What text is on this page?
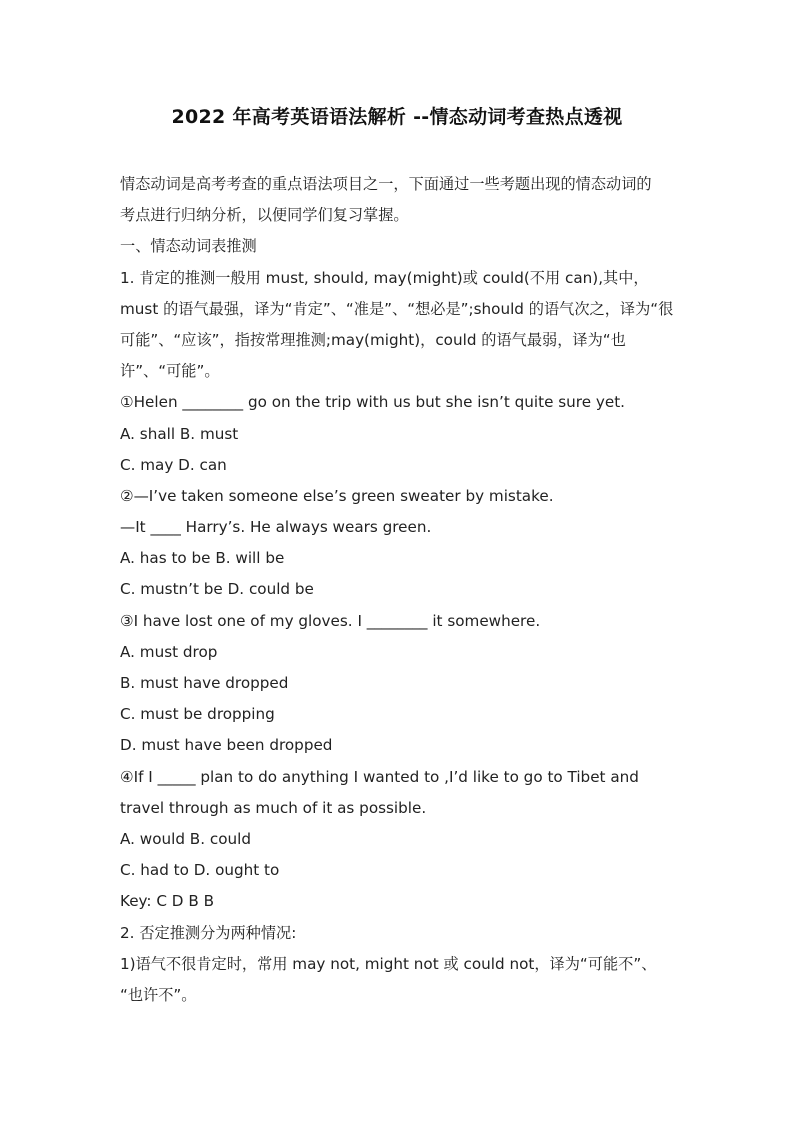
2022 年高考英语语法解析 --情态动词考查热点透视
情态动词是高考考查的重点语法项目之一，下面通过一些考题出现的情态动词的
考点进行归纳分析，以便同学们复习掌握。
一、情态动词表推测
1. 肯定的推测一般用 must, should, may(might)或 could(不用 can),其中，
must 的语气最强，译为“肯定”、“准是”、“想必是”;should 的语气次之，译为“很
可能”、“应该”，指按常理推测;may(might)，could 的语气最弱，译为“也
许”、“可能”。
①Helen ________ go on the trip with us but she isn’t quite sure yet.
A. shall B. must
C. may D. can
②—I’ve taken someone else’s green sweater by mistake.
—It ____ Harry’s. He always wears green.
A. has to be B. will be
C. mustn’t be D. could be
③I have lost one of my gloves. I ________ it somewhere.
A. must drop
B. must have dropped
C. must be dropping
D. must have been dropped
④If I _____ plan to do anything I wanted to ,I’d like to go to Tibet and
travel through as much of it as possible.
A. would B. could
C. had to D. ought to
Key: C D B B
2. 否定推测分为两种情况:
1)语气不很肯定时，常用 may not, might not 或 could not，译为“可能不”、
“也许不”。
